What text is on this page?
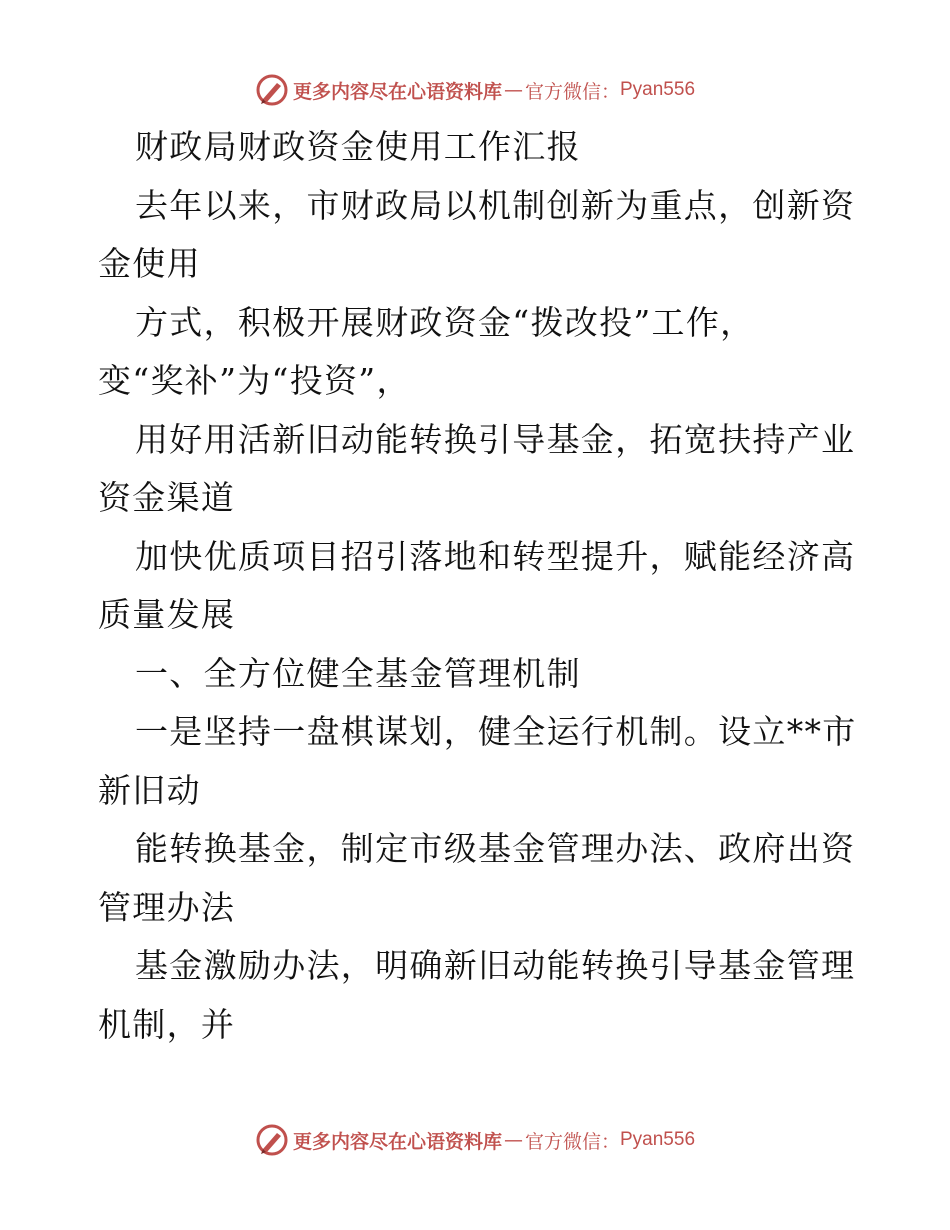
更多内容尽在心语资料库 — 官方微信： Pyan556
财政局财政资金使用工作汇报
去年以来，市财政局以机制创新为重点，创新资
金使用
方式，积极开展财政资金“拨改投”工作，
变“奖补”为“投资”，
用好用活新旧动能转换引导基金，拓宽扶持产业
资金渠道
加快优质项目招引落地和转型提升，赋能经济高
质量发展
一、全方位健全基金管理机制
一是坚持一盘棋谋划，健全运行机制。设立**市
新旧动
能转换基金，制定市级基金管理办法、政府出资
管理办法
基金激励办法，明确新旧动能转换引导基金管理
机制，并
更多内容尽在心语资料库 — 官方微信： Pyan556
